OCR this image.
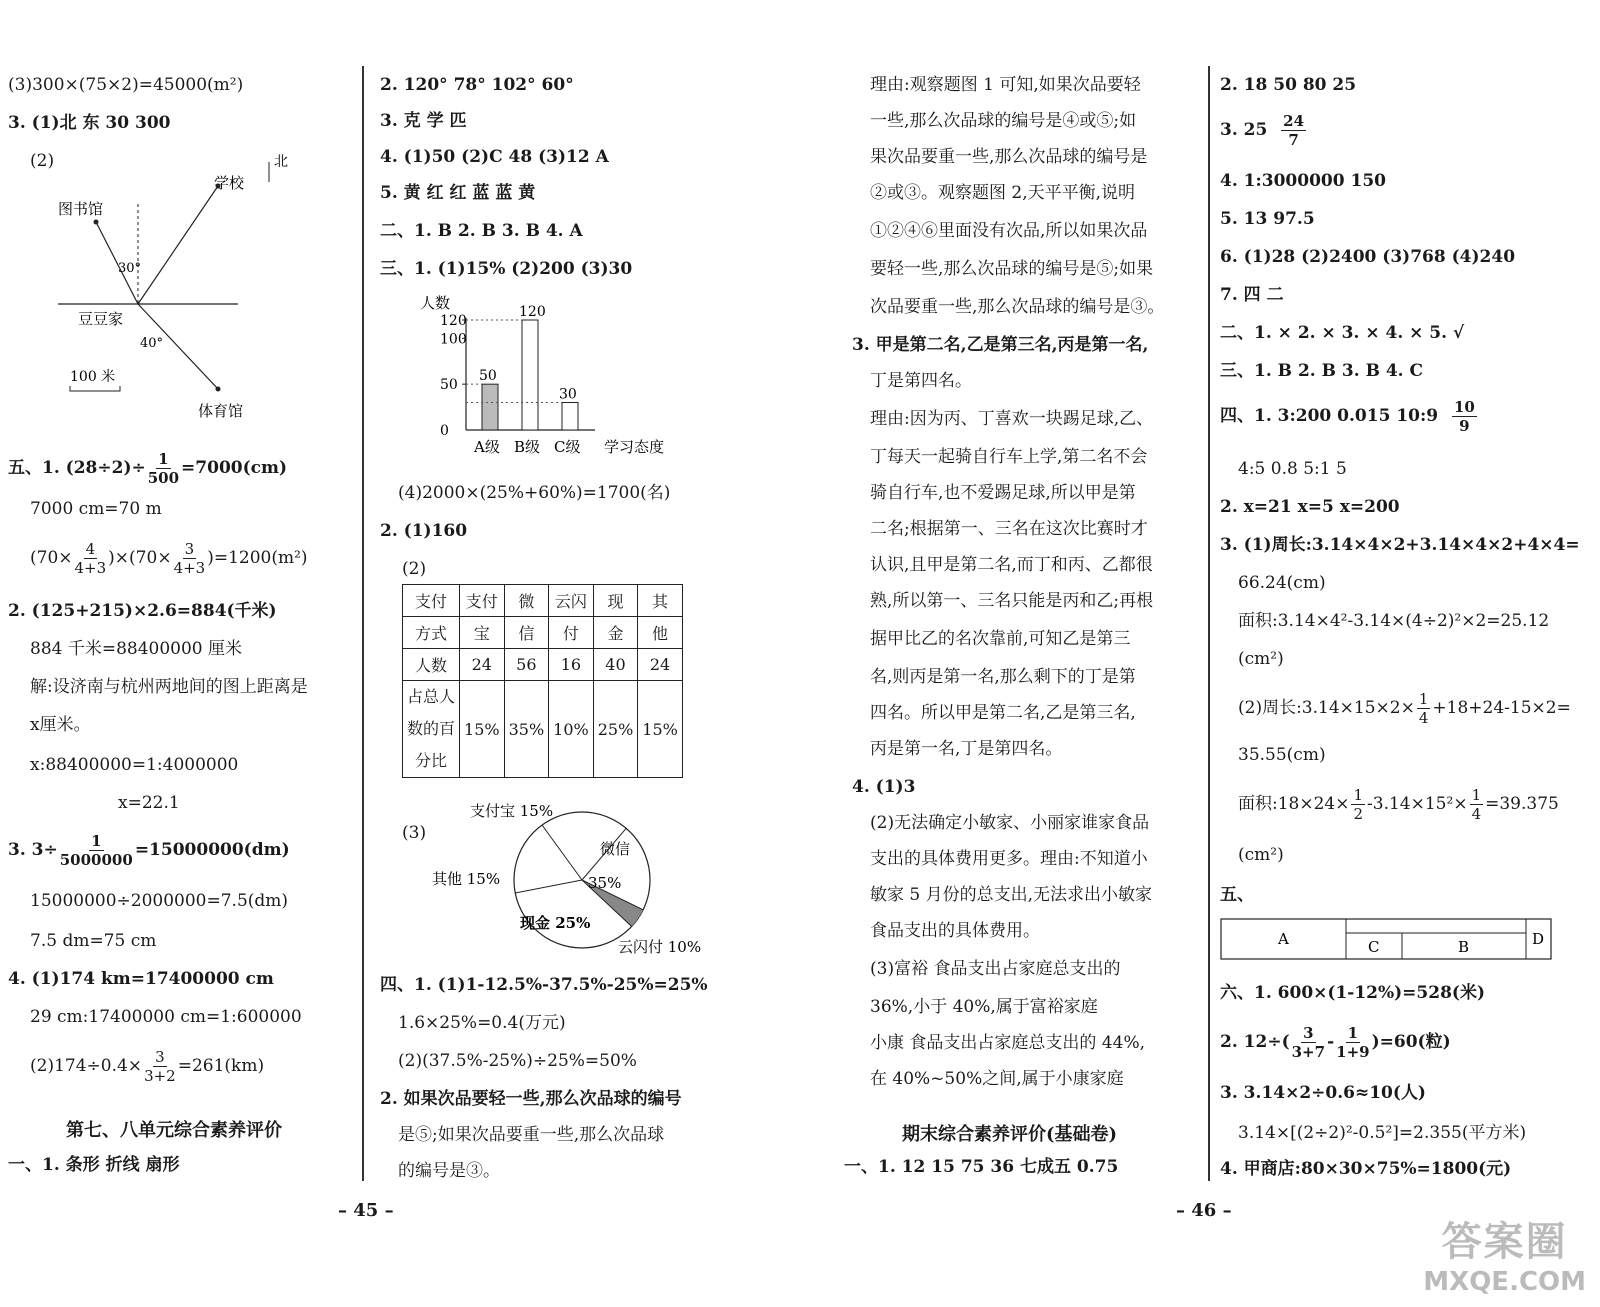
(3)300×(75×2)=45000(m²)
3. (1)北 东 30 300
(2)	北
学校
图书馆
豆豆家
体育馆
30°
40°
100 米
五、1. $(28\div 2)\div \frac{1}{500} =7000(cm)$
7000 cm=70 m
$(70\times \frac{4}{4+3} )\times(70\times \frac{3}{4+3} )=1200(m^2)$
2. (125+215)×2.6=884(千米)
884 千米=88400000 厘米
解:设济南与杭州两地间的图上距离是
x厘米。
x:88400000=1:4000000
x=22.1
3. $3\div \frac{1}{5000000} =15000000(dm)$
15000000÷2000000=7.5(dm)
7.5 dm=75 cm
4. (1)174 km=17400000 cm
29 cm:17400000 cm=1:600000
$(2)174\div 0.4\times \frac{3}{3+2} =261(km)$
第七、八单元综合素养评价
一、1. 条形 折线 扇形
2. 120° 78° 102° 60°
3. 克 学 匹
4. (1)50 (2)C 48 (3)12 A
5. 黄 红 红 蓝 蓝 黄
二、1. B 2. B 3. B 4. A
三、1. (1)15% (2)200 (3)30
人数
120
100
50
0
50
A级
120
B级
30
C级 学习态度
(4)2000×(25%+60%)=1700(名)
2. (1)160
(2)
支付	支付	微	云闪	现	其
方式	宝	信	付	金	他
人数	24	56	16	40	24
占总人
数的百
分比	15%	35%	10%	25%	15%
(3)
支付宝 15%
微信
35%
其他 15%
现金 25%
云闪付 10%
四、1. (1)1-12.5%-37.5%-25%=25%
1.6×25%=0.4(万元)
(2)(37.5%-25%)÷25%=50%
2. 如果次品要轻一些,那么次品球的编号
是⑤;如果次品要重一些,那么次品球
的编号是③。
理由:观察题图 1 可知,如果次品要轻
一些,那么次品球的编号是④或⑤;如
果次品要重一些,那么次品球的编号是
②或③。观察题图 2,天平平衡,说明
①②④⑥里面没有次品,所以如果次品
要轻一些,那么次品球的编号是⑤;如果
次品要重一些,那么次品球的编号是③。
3. 甲是第二名,乙是第三名,丙是第一名,
丁是第四名。
理由:因为丙、丁喜欢一块踢足球,乙、
丁每天一起骑自行车上学,第二名不会
骑自行车,也不爱踢足球,所以甲是第
二名;根据第一、三名在这次比赛时才
认识,且甲是第二名,而丁和丙、乙都很
熟,所以第一、三名只能是丙和乙;再根
据甲比乙的名次靠前,可知乙是第三
名,则丙是第一名,那么剩下的丁是第
四名。所以甲是第二名,乙是第三名,
丙是第一名,丁是第四名。
4. (1)3
(2)无法确定小敏家、小丽家谁家食品
支出的具体费用更多。理由:不知道小
敏家 5 月份的总支出,无法求出小敏家
食品支出的具体费用。
(3)富裕 食品支出占家庭总支出的
36%,小于 40%,属于富裕家庭
小康 食品支出占家庭总支出的 44%,
在 40%~50%之间,属于小康家庭
期末综合素养评价(基础卷)
一、1. 12 15 75 36 七成五 0.75
2. 18 50 80 25
3. $25 \frac{24}{7}$
4. 1:3000000 150
5. 13 97.5
6. (1)28 (2)2400 (3)768 (4)240
7. 四 二
二、1. × 2. × 3. × 4. × 5. √
三、1. B 2. B 3. B 4. C
四、1. 3:200 0.015 10:9 $\frac{10}{9}$
4:5 0.8 5:1 5
2. x=21 x=5 x=200
3. (1)周长:3.14×4×2+3.14×4×2+4×4=
66.24(cm)
面积:3.14×4²-3.14×(4÷2)²×2=25.12
(cm²)
(2)周长:3.14×15×2× $\frac{1}{4} +18+24-15\times 2=$
35.55(cm)
面积:18×24× $\frac{1}{2} -3.14\times 15^2\times \frac{1}{4} =39.375$
(cm²)
五、
A	C	B	D
六、1. 600×(1-12%)=528(米)
2. $12\div( \frac{3}{3+7} - \frac{1}{1+9} )=60$(粒)
3. 3.14×2÷0.6≈10(人)
3.14×[(2÷2)²-0.5²]=2.355(平方米)
4. 甲商店:80×30×75%=1800(元)
– 45 –	– 46 –
答案圈
MXQE.COM
